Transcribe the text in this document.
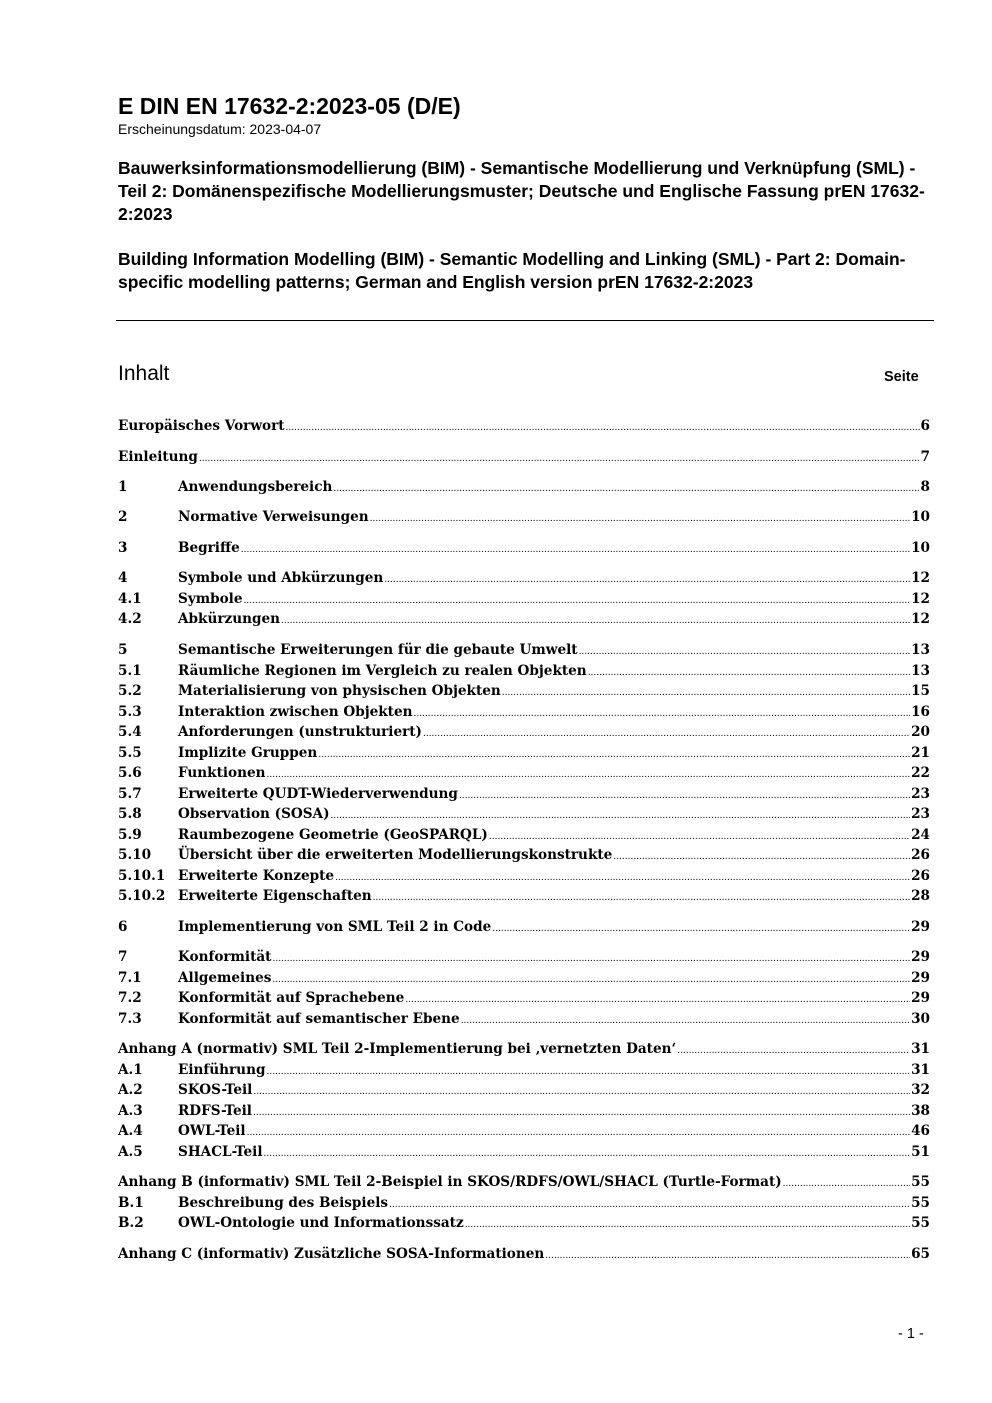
E DIN EN 17632-2:2023-05 (D/E)
Erscheinungsdatum: 2023-04-07
Bauwerksinformationsmodellierung (BIM) - Semantische Modellierung und Verknüpfung (SML) - Teil 2: Domänenspezifische Modellierungsmuster; Deutsche und Englische Fassung prEN 17632-2:2023
Building Information Modelling (BIM) - Semantic Modelling and Linking (SML) - Part 2: Domain-specific modelling patterns; German and English version prEN 17632-2:2023
Inhalt	Seite
Europäisches Vorwort .....	6
Einleitung .....	7
1	Anwendungsbereich .....	8
2	Normative Verweisungen .....	10
3	Begriffe .....	10
4	Symbole und Abkürzungen .....	12
4.1	Symbole .....	12
4.2	Abkürzungen .....	12
5	Semantische Erweiterungen für die gebaute Umwelt .....	13
5.1	Räumliche Regionen im Vergleich zu realen Objekten .....	13
5.2	Materialisierung von physischen Objekten .....	15
5.3	Interaktion zwischen Objekten .....	16
5.4	Anforderungen (unstrukturiert) .....	20
5.5	Implizite Gruppen .....	21
5.6	Funktionen .....	22
5.7	Erweiterte QUDT-Wiederverwendung .....	23
5.8	Observation (SOSA) .....	23
5.9	Raumbezogene Geometrie (GeoSPARQL) .....	24
5.10	Übersicht über die erweiterten Modellierungskonstrukte .....	26
5.10.1 Erweiterte Konzepte .....	26
5.10.2 Erweiterte Eigenschaften .....	28
6	Implementierung von SML Teil 2 in Code .....	29
7	Konformität .....	29
7.1	Allgemeines .....	29
7.2	Konformität auf Sprachebene .....	29
7.3	Konformität auf semantischer Ebene .....	30
Anhang A (normativ) SML Teil 2-Implementierung bei ‚vernetzten Daten‘ .....	31
A.1	Einführung .....	31
A.2	SKOS-Teil .....	32
A.3	RDFS-Teil .....	38
A.4	OWL-Teil .....	46
A.5	SHACL-Teil .....	51
Anhang B (informativ) SML Teil 2-Beispiel in SKOS/RDFS/OWL/SHACL (Turtle-Format) .....	55
B.1	Beschreibung des Beispiels .....	55
B.2	OWL-Ontologie und Informationssatz .....	55
Anhang C (informativ) Zusätzliche SOSA-Informationen .....	65
- 1 -
